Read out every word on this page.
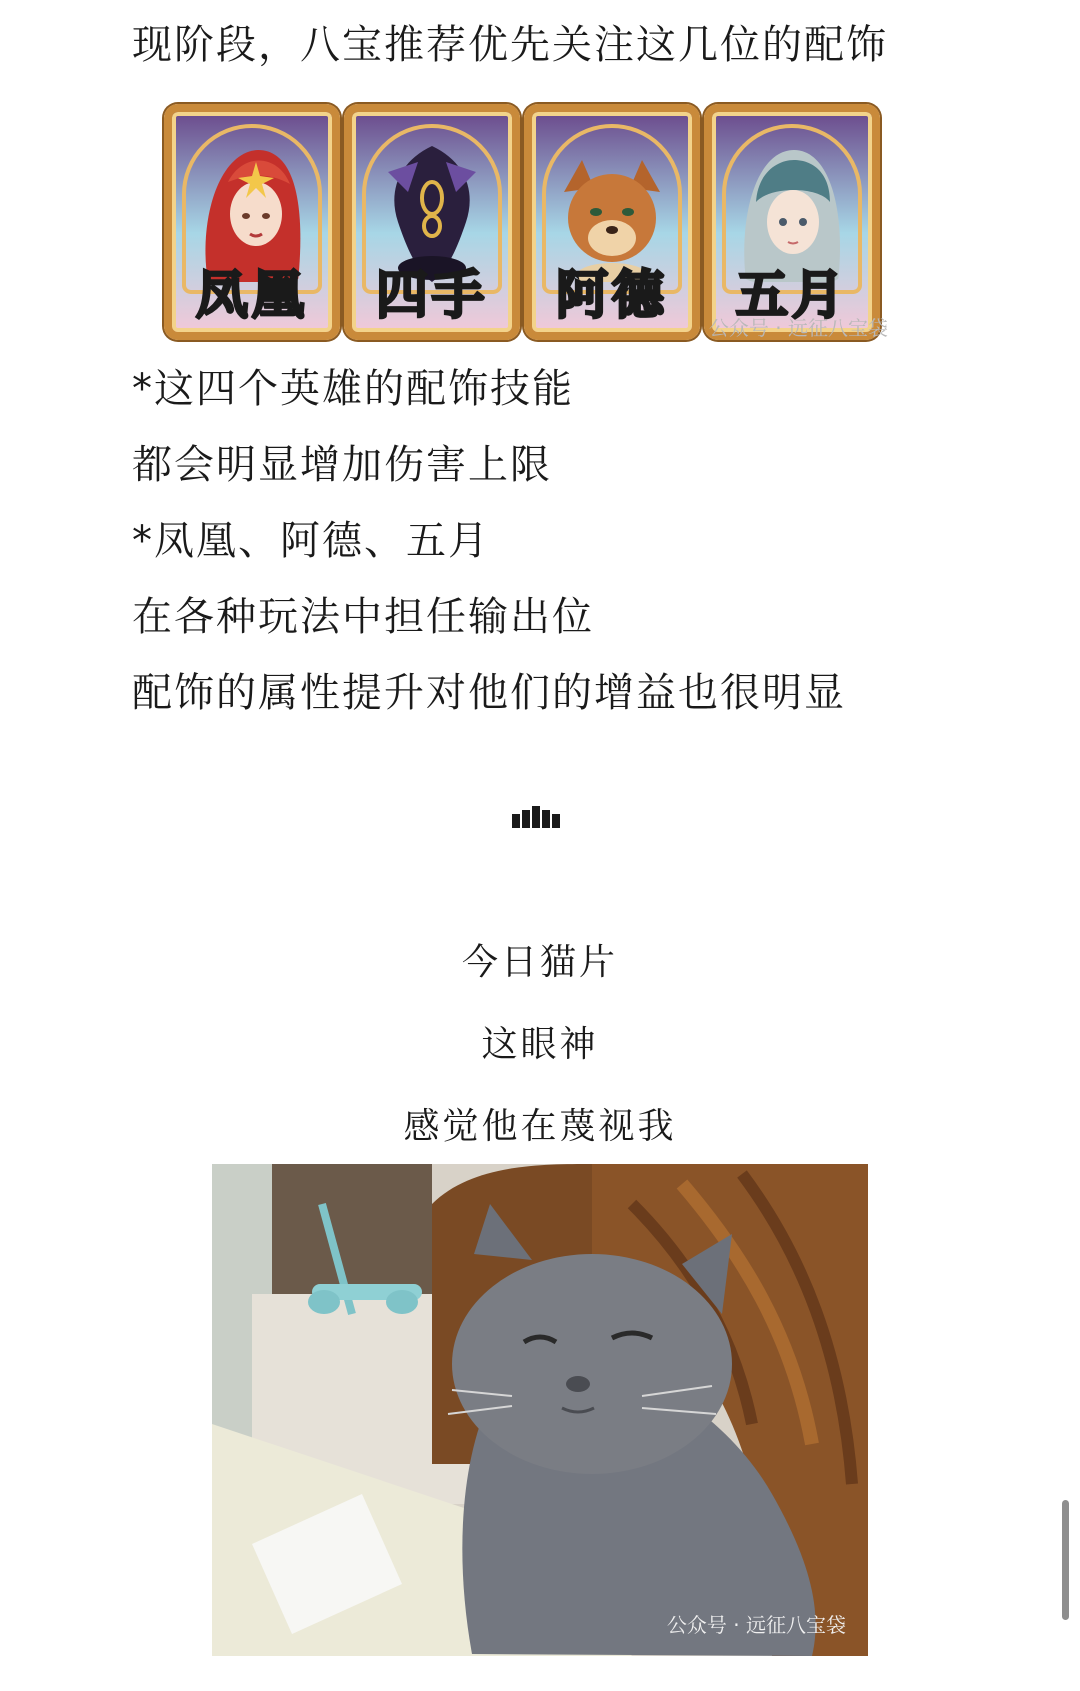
现阶段，八宝推荐优先关注这几位的配饰
凤凰	四手	阿德	五月
公众号 · 远征八宝袋
*这四个英雄的配饰技能
都会明显增加伤害上限
*凤凰、阿德、五月
在各种玩法中担任输出位
配饰的属性提升对他们的增益也很明显
今日猫片
这眼神
感觉他在蔑视我
公众号 · 远征八宝袋
